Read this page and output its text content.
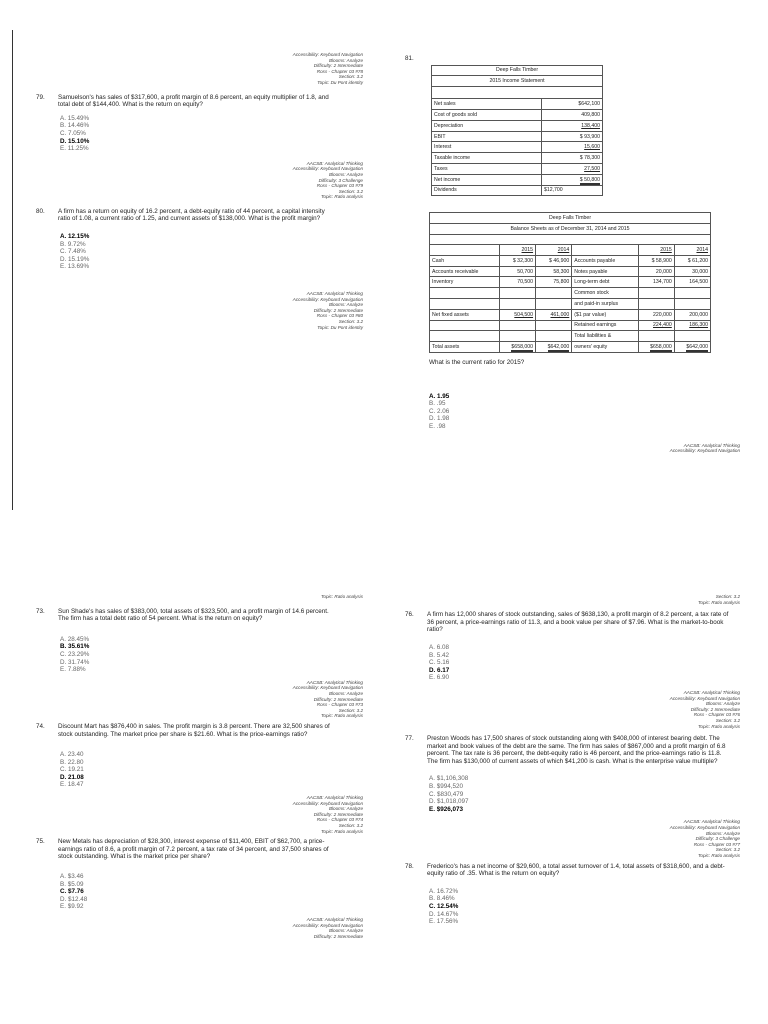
Accessibility: Keyboard Navigation
Blooms: Analyze
Difficulty: 2 Intermediate
Ross - Chapter 03 #78
Section: 3.2
Topic: Du Pont identity
79. Samuelson's has sales of $317,600, a profit margin of 8.6 percent, an equity multiplier of 1.8, and total debt of $144,400. What is the return on equity?
A. 15.49%
B. 14.46%
C. 7.05%
D. 15.10%
E. 11.25%
AACSB: Analytical Thinking
Accessibility: Keyboard Navigation
Blooms: Analyze
Difficulty: 3 Challenge
Ross - Chapter 03 #79
Section: 3.2
Topic: Ratio analysis
80. A firm has a return on equity of 16.2 percent, a debt-equity ratio of 44 percent, a capital intensity ratio of 1.08, a current ratio of 1.25, and current assets of $138,000. What is the profit margin?
A. 12.15%
B. 9.72%
C. 7.48%
D. 15.19%
E. 13.69%
AACSB: Analytical Thinking
Accessibility: Keyboard Navigation
Blooms: Analyze
Difficulty: 2 Intermediate
Ross - Chapter 03 #80
Section: 3.2
Topic: Du Pont identity
81.
Deep Falls Timber	
2015 Income Statement	

Net sales	$642,100
Cost of goods sold	409,800
Depreciation	138,400
EBIT	$ 93,900
Interest	15,600
Taxable income	$ 78,300
Taxes	27,500
Net income	$ 50,800
Dividends	$12,700
Deep Falls Timber					
Balance Sheets as of December 31, 2014 and 2015					

	2015	2014		2015	2014
Cash	$ 32,300	$ 46,900	Accounts payable	$ 58,900	$ 61,200
Accounts receivable	50,700	58,300	Notes payable	20,000	30,000
Inventory	70,500	75,800	Long-term debt	134,700	164,500
			Common stock		
			and paid-in surplus		
Net fixed assets	504,500	461,000	($1 par value)	220,000	200,000
			Retained earnings	224,400	186,300
			Total liabilities &		
Total assets	$658,000	$642,000	owners' equity	$658,000	$642,000
What is the current ratio for 2015?
A. 1.95
B. .95
C. 2.06
D. 1.98
E. .98
AACSB: Analytical Thinking
Accessibility: Keyboard Navigation
Topic: Ratio analysis
73. Sun Shade's has sales of $383,000, total assets of $323,500, and a profit margin of 14.6 percent. The firm has a total debt ratio of 54 percent. What is the return on equity?
A. 28.45%
B. 35.61%
C. 23.29%
D. 31.74%
E. 7.88%
AACSB: Analytical Thinking
Accessibility: Keyboard Navigation
Blooms: Analyze
Difficulty: 2 Intermediate
Ross - Chapter 03 #73
Section: 3.2
Topic: Ratio analysis
74. Discount Mart has $876,400 in sales. The profit margin is 3.8 percent. There are 32,500 shares of stock outstanding. The market price per share is $21.60. What is the price-earnings ratio?
A. 23.40
B. 22.80
C. 19.21
D. 21.08
E. 18.47
AACSB: Analytical Thinking
Accessibility: Keyboard Navigation
Blooms: Analyze
Difficulty: 2 Intermediate
Ross - Chapter 03 #74
Section: 3.2
Topic: Ratio analysis
75. New Metals has depreciation of $28,300, interest expense of $11,400, EBIT of $62,700, a price-earnings ratio of 8.6, a profit margin of 7.2 percent, a tax rate of 34 percent, and 37,500 shares of stock outstanding. What is the market price per share?
A. $3.46
B. $5.09
C. $7.76
D. $12.48
E. $9.92
AACSB: Analytical Thinking
Accessibility: Keyboard Navigation
Blooms: Analyze
Difficulty: 2 Intermediate
Section: 3.2
Topic: Ratio analysis
76. A firm has 12,000 shares of stock outstanding, sales of $638,130, a profit margin of 8.2 percent, a tax rate of 36 percent, a price-earnings ratio of 11.3, and a book value per share of $7.96. What is the market-to-book ratio?
A. 6.08
B. 5.42
C. 5.16
D. 6.17
E. 6.90
AACSB: Analytical Thinking
Accessibility: Keyboard Navigation
Blooms: Analyze
Difficulty: 2 Intermediate
Ross - Chapter 03 #76
Section: 3.2
Topic: Ratio analysis
77. Preston Woods has 17,500 shares of stock outstanding along with $408,000 of interest bearing debt. The market and book values of the debt are the same. The firm has sales of $867,000 and a profit margin of 6.8 percent. The tax rate is 36 percent, the debt-equity ratio is 46 percent, and the price-earnings ratio is 11.8. The firm has $130,000 of current assets of which $41,200 is cash. What is the enterprise value multiple?
A. $1,106,308
B. $994,520
C. $830,479
D. $1,018,097
E. $926,073
AACSB: Analytical Thinking
Accessibility: Keyboard Navigation
Blooms: Analyze
Difficulty: 3 Challenge
Ross - Chapter 03 #77
Section: 3.2
Topic: Ratio analysis
78. Frederico's has a net income of $29,600, a total asset turnover of 1.4, total assets of $318,600, and a debt-equity ratio of .35. What is the return on equity?
A. 16.72%
B. 8.46%
C. 12.54%
D. 14.67%
E. 17.56%
